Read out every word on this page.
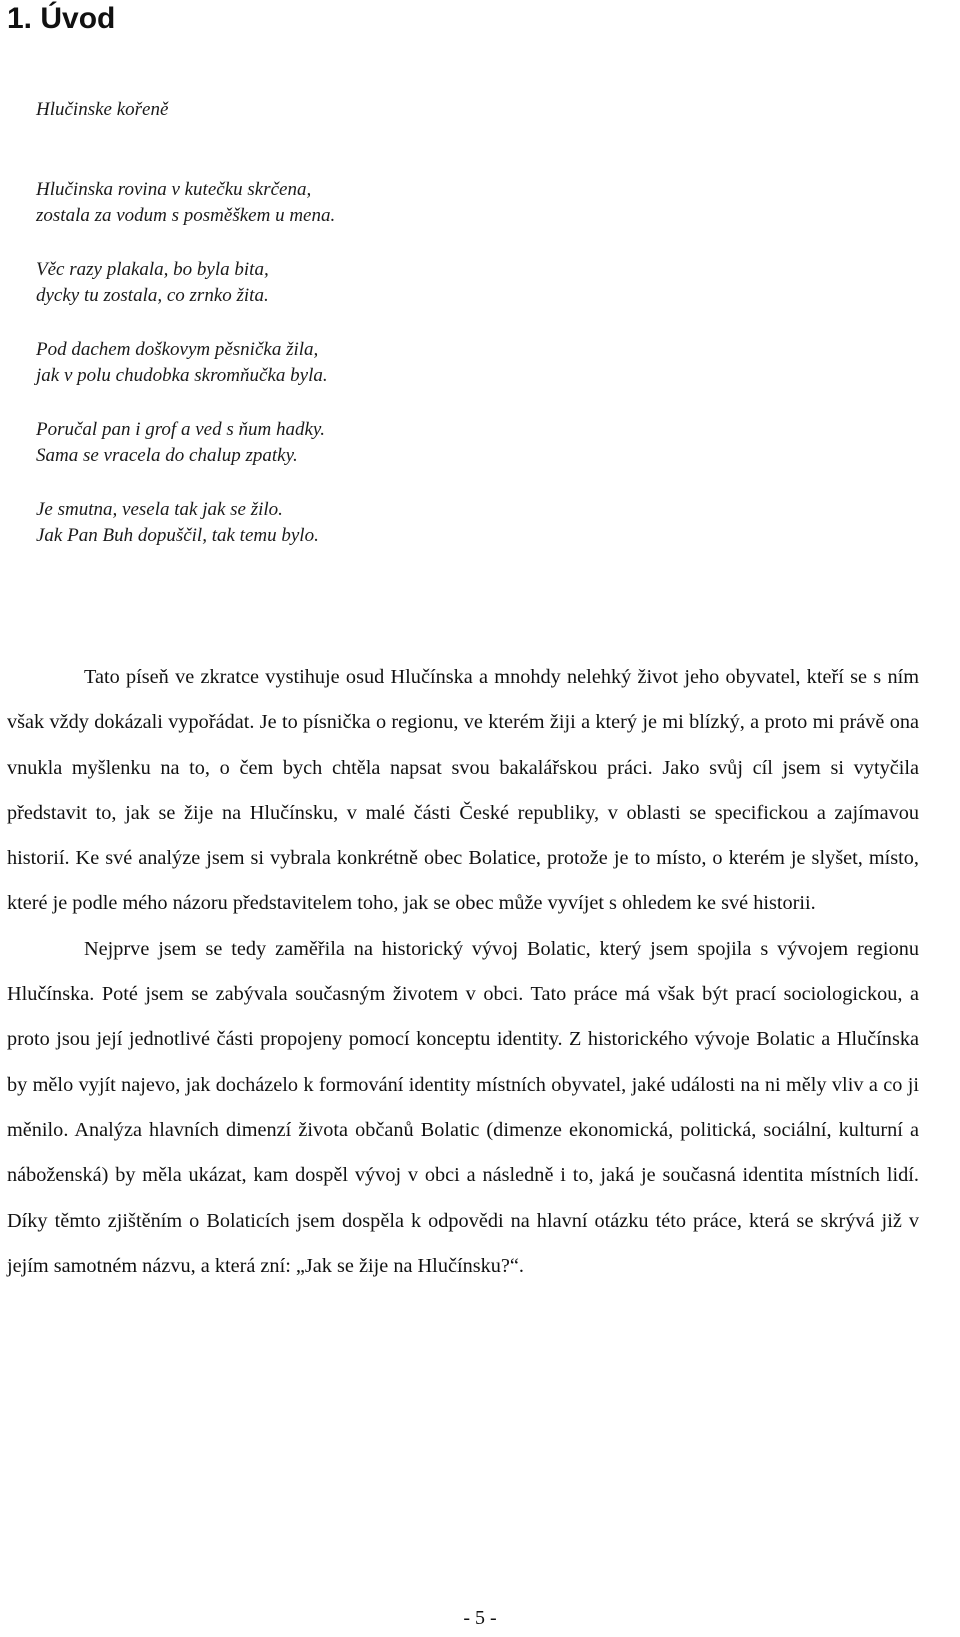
1. Úvod
Hlučinske kořeně
Hlučinska rovina v kutečku skrčena,
zostala za vodum s posměškem u mena.
Věc razy plakala, bo byla bita,
dycky tu zostala, co zrnko žita.
Pod dachem doškovym pěsnička žila,
jak v polu chudobka skromňučka byla.
Poručal pan i grof a ved s ňum hadky.
Sama se vracela do chalup zpatky.
Je smutna, vesela tak jak se žilo.
Jak Pan Buh dopuščil, tak temu bylo.

Tato píseň ve zkratce vystihuje osud Hlučínska a mnohdy nelehký život jeho obyvatel, kteří se s ním však vždy dokázali vypořádat. Je to písnička o regionu, ve kterém žiji a který je mi blízký, a proto mi právě ona vnukla myšlenku na to, o čem bych chtěla napsat svou bakalářskou práci. Jako svůj cíl jsem si vytyčila představit to, jak se žije na Hlučínsku, v malé části České republiky, v oblasti se specifickou a zajímavou historií. Ke své analýze jsem si vybrala konkrétně obec Bolatice, protože je to místo, o kterém je slyšet, místo, které je podle mého názoru představitelem toho, jak se obec může vyvíjet s ohledem ke své historii.

Nejprve jsem se tedy zaměřila na historický vývoj Bolatic, který jsem spojila s vývojem regionu Hlučínska. Poté jsem se zabývala současným životem v obci. Tato práce má však být prací sociologickou, a proto jsou její jednotlivé části propojeny pomocí konceptu identity. Z historického vývoje Bolatic a Hlučínska by mělo vyjít najevo, jak docházelo k formování identity místních obyvatel, jaké události na ni měly vliv a co ji měnilo. Analýza hlavních dimenzí života občanů Bolatic (dimenze ekonomická, politická, sociální, kulturní a náboženská) by měla ukázat, kam dospěl vývoj v obci a následně i to, jaká je současná identita místních lidí. Díky těmto zjištěním o Bolaticích jsem dospěla k odpovědi na hlavní otázku této práce, která se skrývá již v jejím samotném názvu, a která zní: „Jak se žije na Hlučínsku?“.

- 5 -
